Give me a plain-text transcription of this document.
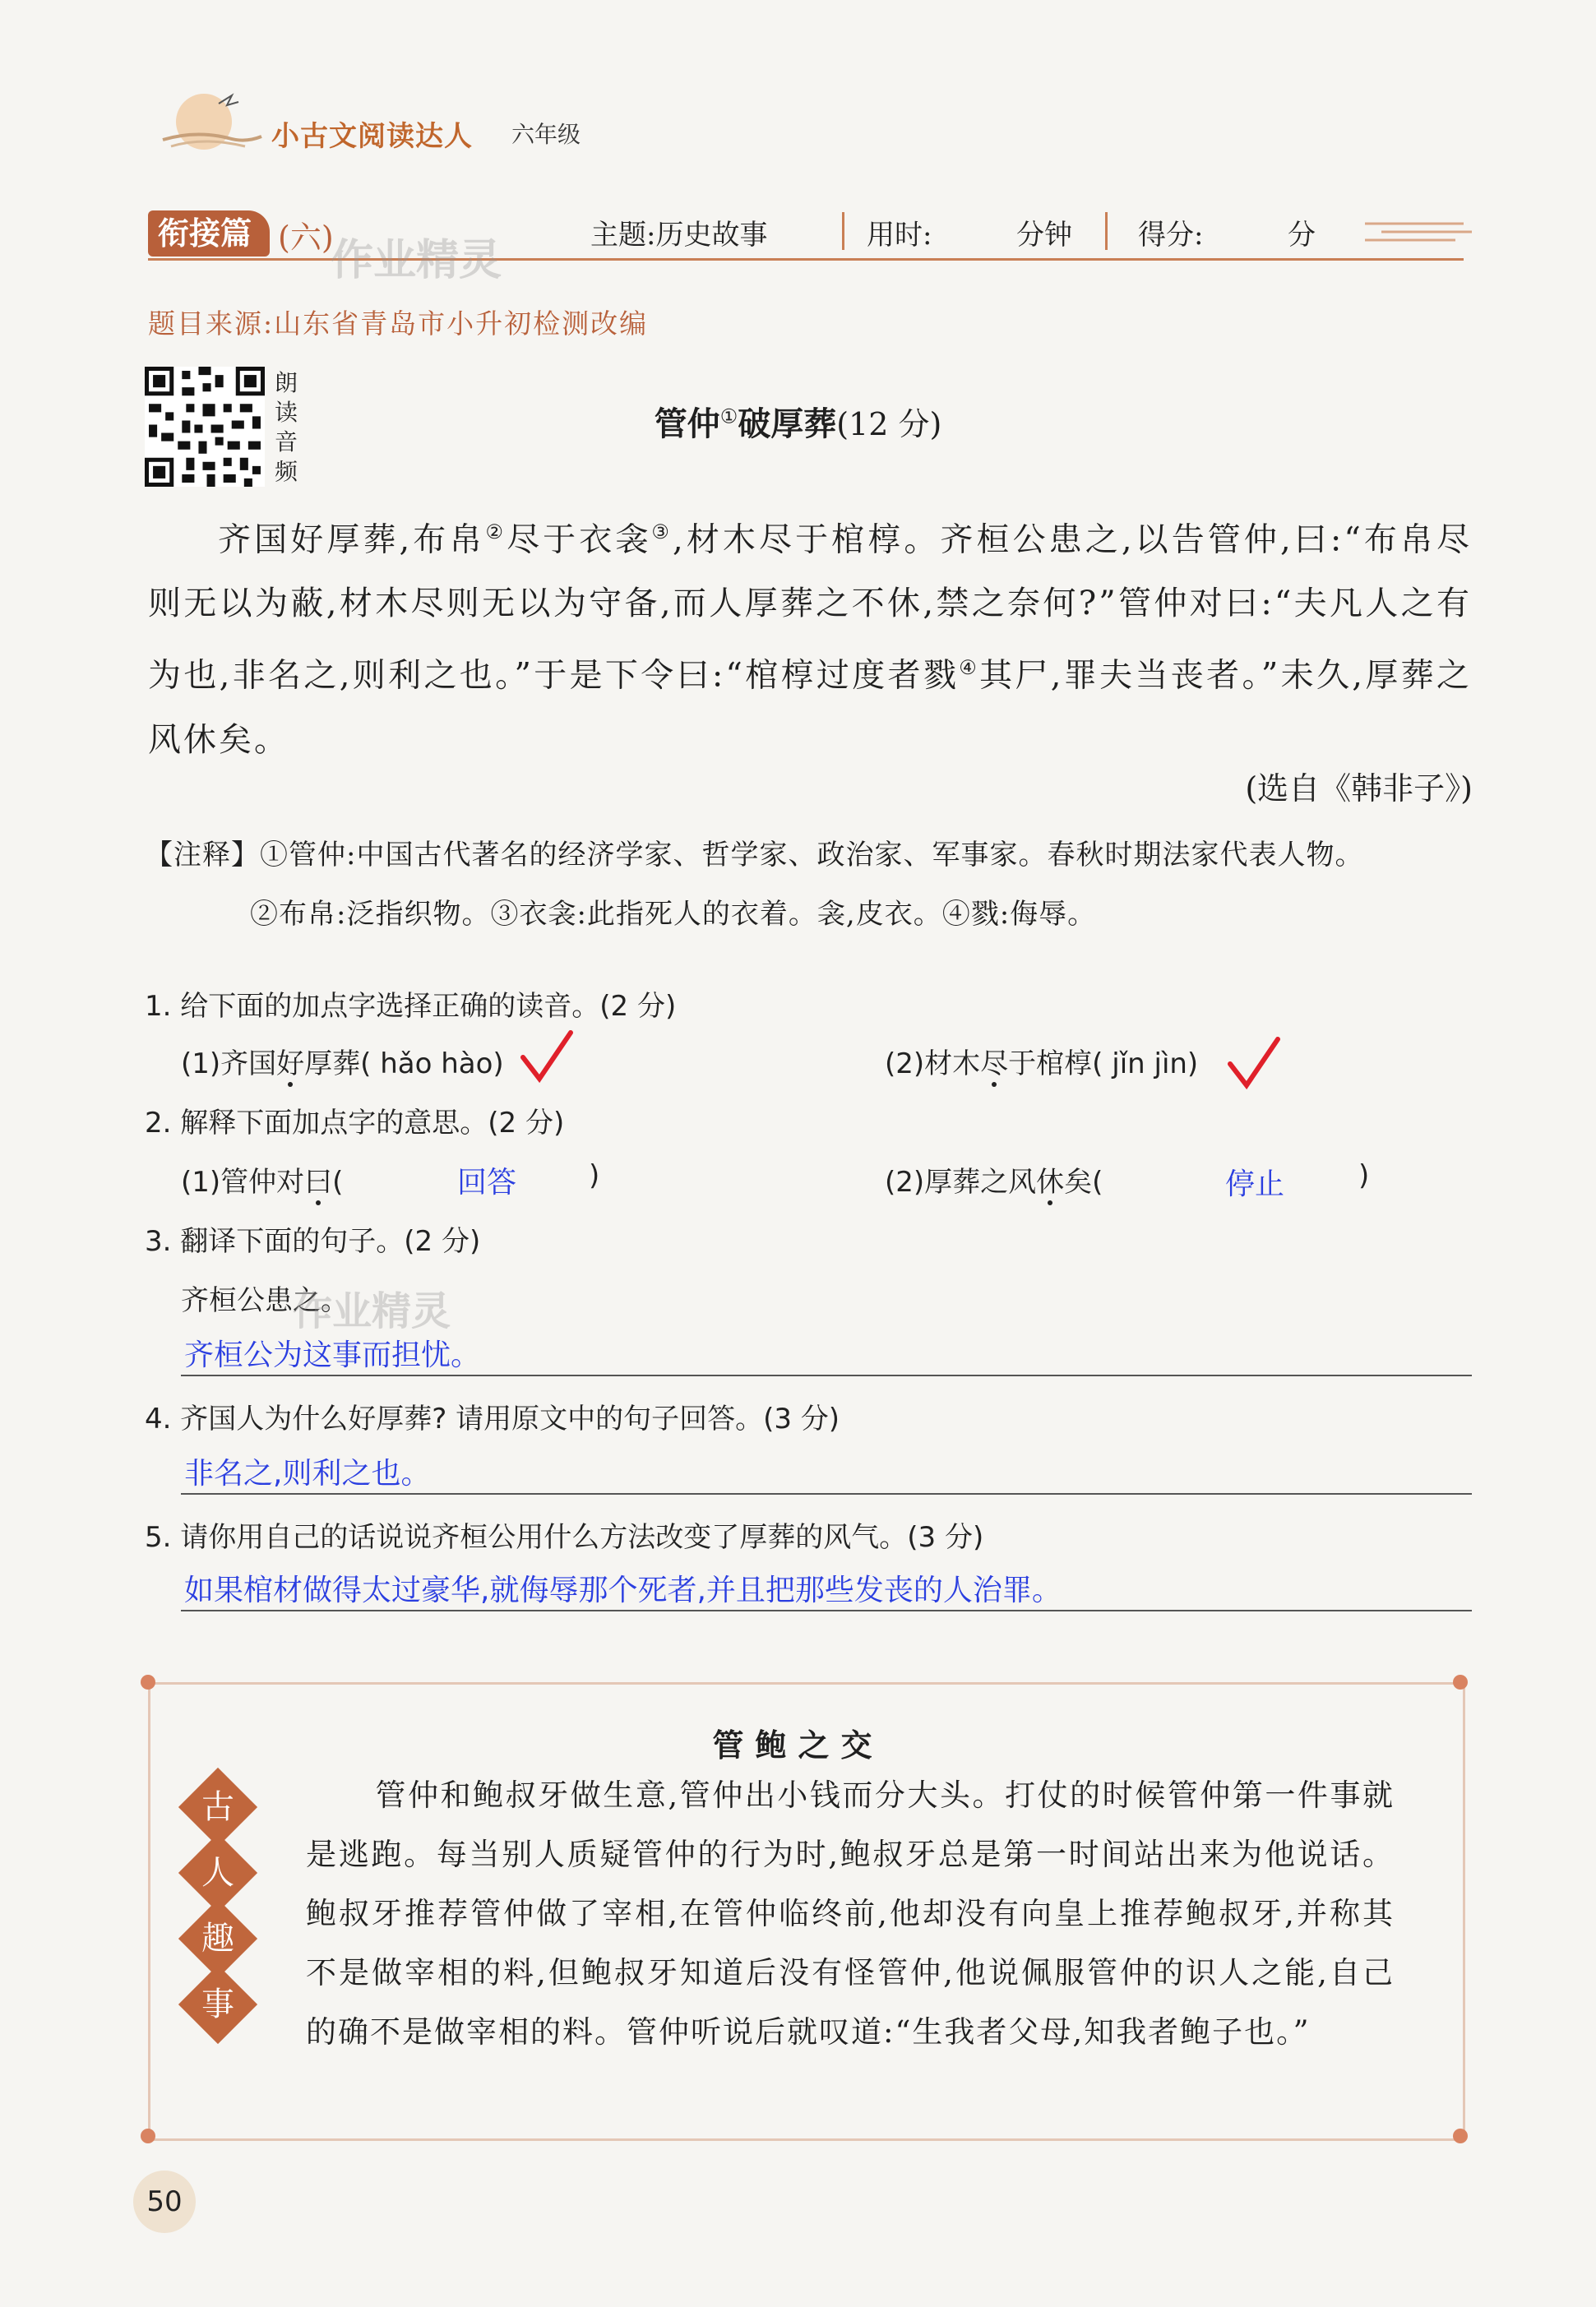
小古文阅读达人 六年级
衔接篇 (六)	主题:历史故事	用时:	分钟 得分:	分
作业精灵
题目来源:山东省青岛市小升初检测改编
朗
读
音
频
管仲①破厚葬(12 分)
齐国好厚葬,布帛②尽于衣衾③,材木尽于棺椁。齐桓公患之,以告管仲,曰:“布帛尽则无以为蔽,材木尽则无以为守备,而人厚葬之不休,禁之奈何?”管仲对曰:“夫凡人之有为也,非名之,则利之也。”于是下令曰:“棺椁过度者戮④其尸,罪夫当丧者。”未久,厚葬之风休矣。
(选自《韩非子》)
【注释】①管仲:中国古代著名的经济学家、哲学家、政治家、军事家。春秋时期法家代表人物。
②布帛:泛指织物。③衣衾:此指死人的衣着。衾,皮衣。④戮:侮辱。
1. 给下面的加点字选择正确的读音。(2 分)
(1)齐国好厚葬( hǎo hào)	(2)材木尽于棺椁( jǐn jìn)
2. 解释下面加点字的意思。(2 分)
(1)管仲对曰(	回答	)	(2)厚葬之风休矣(	停止	)
3. 翻译下面的句子。(2 分)
齐桓公患之。
作业精灵
齐桓公为这事而担忧。
4. 齐国人为什么好厚葬? 请用原文中的句子回答。(3 分)
非名之,则利之也。
5. 请你用自己的话说说齐桓公用什么方法改变了厚葬的风气。(3 分)
如果棺材做得太过豪华,就侮辱那个死者,并且把那些发丧的人治罪。
管鲍之交
古
人
趣
事
管仲和鲍叔牙做生意,管仲出小钱而分大头。打仗的时候管仲第一件事就是逃跑。每当别人质疑管仲的行为时,鲍叔牙总是第一时间站出来为他说话。鲍叔牙推荐管仲做了宰相,在管仲临终前,他却没有向皇上推荐鲍叔牙,并称其不是做宰相的料,但鲍叔牙知道后没有怪管仲,他说佩服管仲的识人之能,自己的确不是做宰相的料。管仲听说后就叹道:“生我者父母,知我者鲍子也。”
50
